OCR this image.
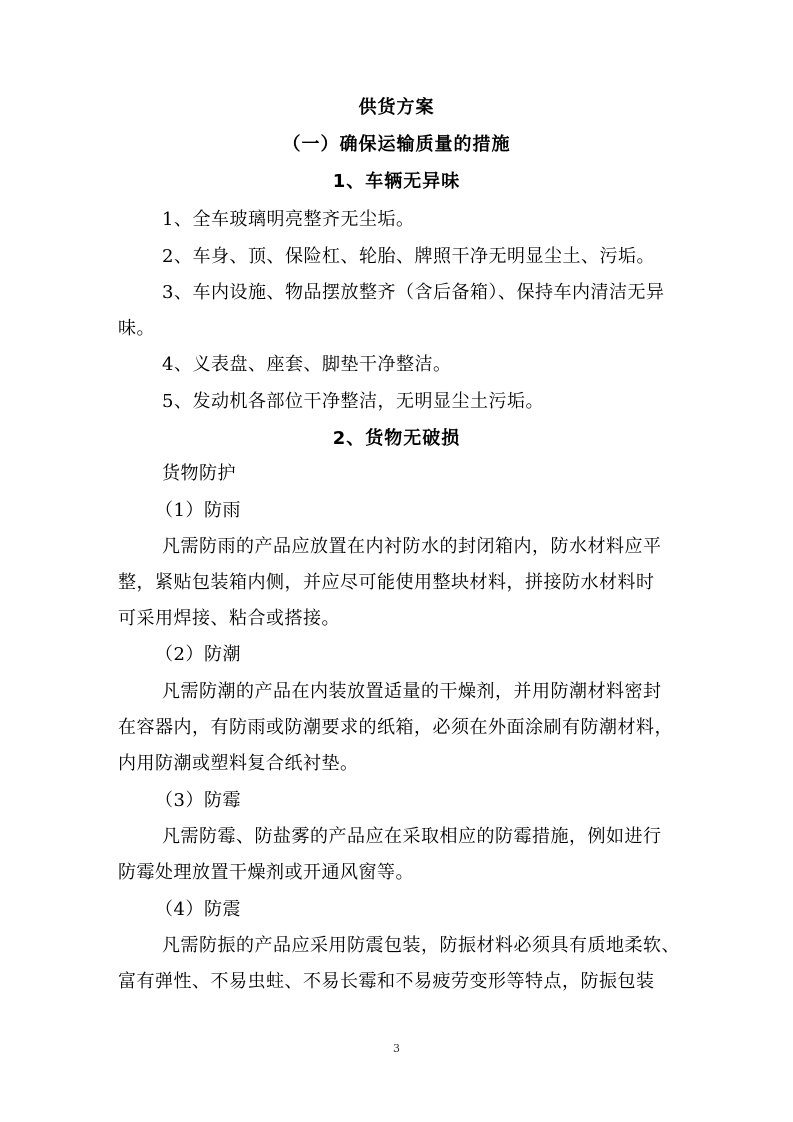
供货方案
（一）确保运输质量的措施
1、车辆无异味
1、全车玻璃明亮整齐无尘垢。
2、车身、顶、保险杠、轮胎、牌照干净无明显尘土、污垢。
3、车内设施、物品摆放整齐（含后备箱）、保持车内清洁无异
味。
4、义表盘、座套、脚垫干净整洁。
5、发动机各部位干净整洁，无明显尘土污垢。
2、货物无破损
货物防护
（1）防雨
凡需防雨的产品应放置在内衬防水的封闭箱内，防水材料应平
整，紧贴包装箱内侧，并应尽可能使用整块材料，拼接防水材料时
可采用焊接、粘合或搭接。
（2）防潮
凡需防潮的产品在内装放置适量的干燥剂，并用防潮材料密封
在容器内，有防雨或防潮要求的纸箱，必须在外面涂刷有防潮材料，
内用防潮或塑料复合纸衬垫。
（3）防霉
凡需防霉、防盐雾的产品应在采取相应的防霉措施，例如进行
防霉处理放置干燥剂或开通风窗等。
（4）防震
凡需防振的产品应采用防震包装，防振材料必须具有质地柔软、
富有弹性、不易虫蛀、不易长霉和不易疲劳变形等特点，防振包装
3
